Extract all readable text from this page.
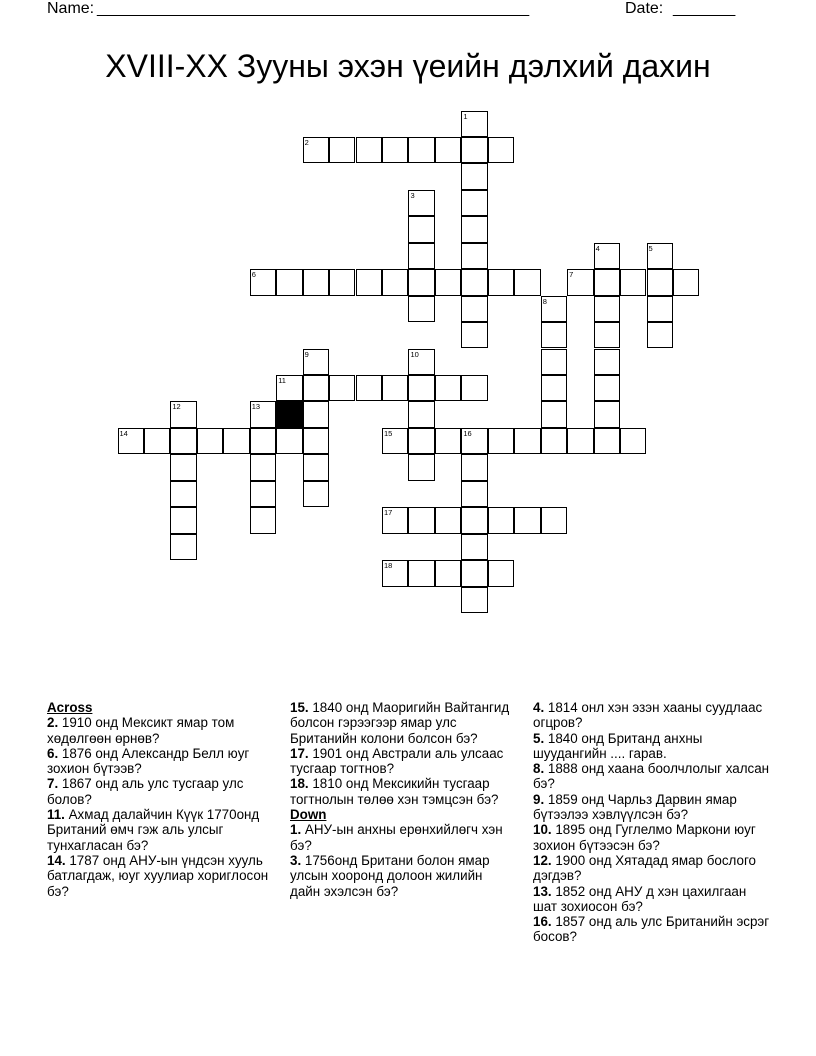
Name: ____________________________________________________	Date: _______
XVIII-XX Зууны эхэн үеийн дэлхий дахин
1
2
3
4	5
6	7
8
9	10
11
12	13
14	15	16
17
18
Across

2. 1910 онд Мексикт ямар том хөдөлгөөн өрнөв?

6. 1876 онд Александр Белл юуг зохион бүтээв?

7. 1867 онд аль улс тусгаар улс болов?

11. Ахмад далайчин Күүк 1770онд Британий өмч гэж аль улсыг тунхагласан бэ?

14. 1787 онд АНУ-ын үндсэн хууль батлагдаж, юуг хуулиар хориглосон бэ?

15. 1840 онд Маоригийн Вайтангид болсон гэрээгээр ямар улс Британийн колони болсон бэ?

17. 1901 онд Австрали аль улсаас тусгаар тогтнов?

18. 1810 онд Мексикийн тусгаар тогтнолын төлөө хэн тэмцсэн бэ?

Down

1. АНУ-ын анхны ерөнхийлөгч хэн бэ?

3. 1756онд Британи болон ямар улсын хооронд долоон жилийн дайн эхэлсэн бэ?

4. 1814 онл хэн эзэн хааны суудлаас огцров?

5. 1840 онд Британд анхны шуудангийн .... гарав.

8. 1888 онд хаана боолчлолыг халсан бэ?

9. 1859 онд Чарльз Дарвин ямар бүтээлээ хэвлүүлсэн бэ?

10. 1895 онд Гуглелмо Маркони юуг зохион бүтээсэн бэ?

12. 1900 онд Хятадад ямар бослого дэгдэв?

13. 1852 онд АНУ д хэн цахилгаан шат зохиосон бэ?

16. 1857 онд аль улс Британийн эсрэг босов?
